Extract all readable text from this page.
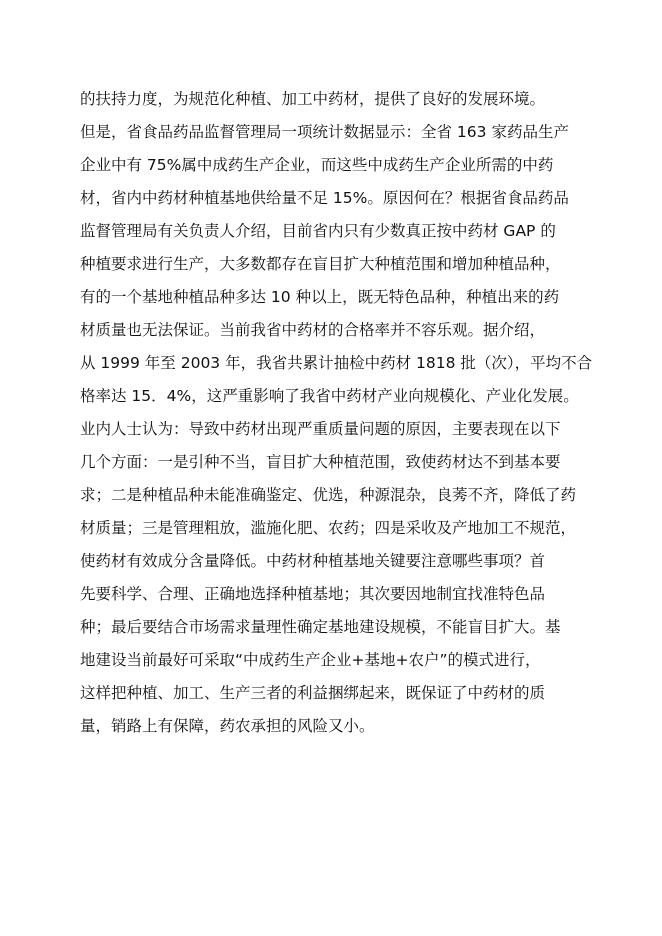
的扶持力度，为规范化种植、加工中药材，提供了良好的发展环境。
但是，省食品药品监督管理局一项统计数据显示：全省 163 家药品生产
企业中有 75%属中成药生产企业，而这些中成药生产企业所需的中药
材，省内中药材种植基地供给量不足 15%。原因何在？根据省食品药品
监督管理局有关负责人介绍，目前省内只有少数真正按中药材 GAP 的
种植要求进行生产，大多数都存在盲目扩大种植范围和增加种植品种，
有的一个基地种植品种多达 10 种以上，既无特色品种，种植出来的药
材质量也无法保证。当前我省中药材的合格率并不容乐观。据介绍，
从 1999 年至 2003 年，我省共累计抽检中药材 1818 批（次），平均不合
格率达 15．4%，这严重影响了我省中药材产业向规模化、产业化发展。
业内人士认为：导致中药材出现严重质量问题的原因，主要表现在以下
几个方面：一是引种不当，盲目扩大种植范围，致使药材达不到基本要
求；二是种植品种未能准确鉴定、优选，种源混杂，良莠不齐，降低了药
材质量；三是管理粗放，滥施化肥、农药；四是采收及产地加工不规范，
使药材有效成分含量降低。中药材种植基地关键要注意哪些事项？首
先要科学、合理、正确地选择种植基地；其次要因地制宜找准特色品
种；最后要结合市场需求量理性确定基地建设规模，不能盲目扩大。基
地建设当前最好可采取“中成药生产企业+基地+农户”的模式进行，
这样把种植、加工、生产三者的利益捆绑起来，既保证了中药材的质
量，销路上有保障，药农承担的风险又小。
